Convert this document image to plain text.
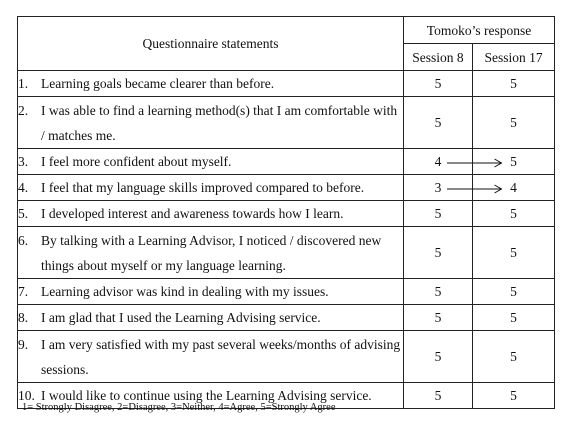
Questionnaire statements	Tomoko’s response	
	Session 8	Session 17

1. Learning goals became clearer than before.	5	5

2. I was able to find a learning method(s) that I am comfortable with / matches me.	5	5

3. I feel more confident about myself.	4	5

4. I feel that my language skills improved compared to before.	3	4

5. I developed interest and awareness towards how I learn.	5	5

6. By talking with a Learning Advisor, I noticed / discovered new things about myself or my language learning.	5	5

7. Learning advisor was kind in dealing with my issues.	5	5

8. I am glad that I used the Learning Advising service.	5	5

9. I am very satisfied with my past several weeks/months of advising sessions.	5	5

10. I would like to continue using the Learning Advising service.	5	5
1= Strongly Disagree, 2=Disagree, 3=Neither, 4=Agree, 5=Strongly Agree
